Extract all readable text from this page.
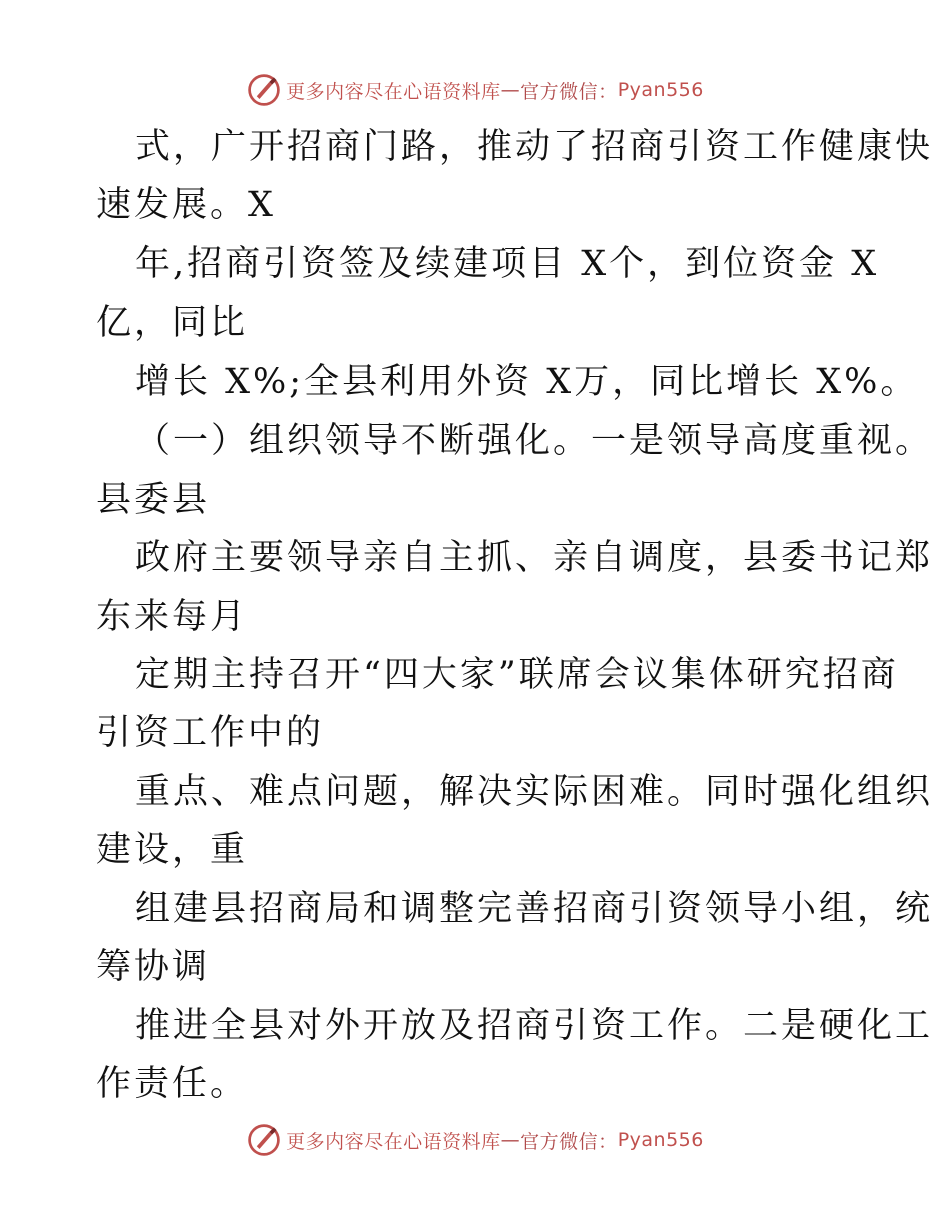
更多内容尽在心语资料库 — 官方微信： Pyan556
式，广开招商门路，推动了招商引资工作健康快
速发展。X
年,招商引资签及续建项目 X个，到位资金 X
亿，同比
增长 X%;全县利用外资 X万，同比增长 X%。
（一）组织领导不断强化。一是领导高度重视。
县委县
政府主要领导亲自主抓、亲自调度，县委书记郑
东来每月
定期主持召开“四大家”联席会议集体研究招商
引资工作中的
重点、难点问题，解决实际困难。同时强化组织
建设，重
组建县招商局和调整完善招商引资领导小组，统
筹协调
推进全县对外开放及招商引资工作。二是硬化工
作责任。
更多内容尽在心语资料库 — 官方微信： Pyan556
